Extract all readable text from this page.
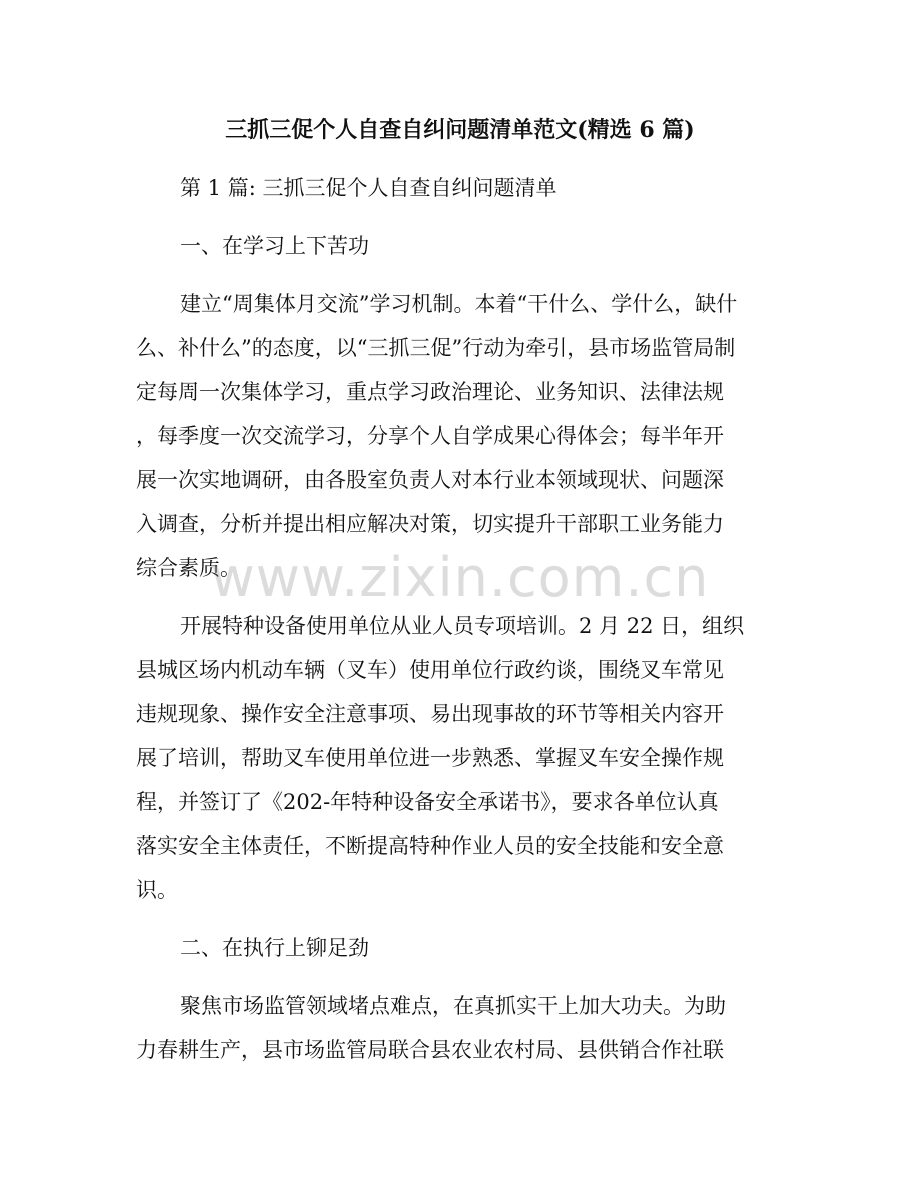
三抓三促个人自查自纠问题清单范文(精选 6 篇)
第 1 篇: 三抓三促个人自查自纠问题清单
一、在学习上下苦功
建立“周集体月交流”学习机制。本着“干什么、学什么，缺什
么、补什么”的态度，以“三抓三促”行动为牵引，县市场监管局制
定每周一次集体学习，重点学习政治理论、业务知识、法律法规
，每季度一次交流学习，分享个人自学成果心得体会；每半年开
展一次实地调研，由各股室负责人对本行业本领域现状、问题深
入调查，分析并提出相应解决对策，切实提升干部职工业务能力
综合素质。
开展特种设备使用单位从业人员专项培训。2 月 22 日，组织
县城区场内机动车辆（叉车）使用单位行政约谈，围绕叉车常见
违规现象、操作安全注意事项、易出现事故的环节等相关内容开
展了培训，帮助叉车使用单位进一步熟悉、掌握叉车安全操作规
程，并签订了《202-年特种设备安全承诺书》，要求各单位认真
落实安全主体责任，不断提高特种作业人员的安全技能和安全意
识。
二、在执行上铆足劲
聚焦市场监管领域堵点难点，在真抓实干上加大功夫。为助
力春耕生产，县市场监管局联合县农业农村局、县供销合作社联
www.zixin.com.cn
